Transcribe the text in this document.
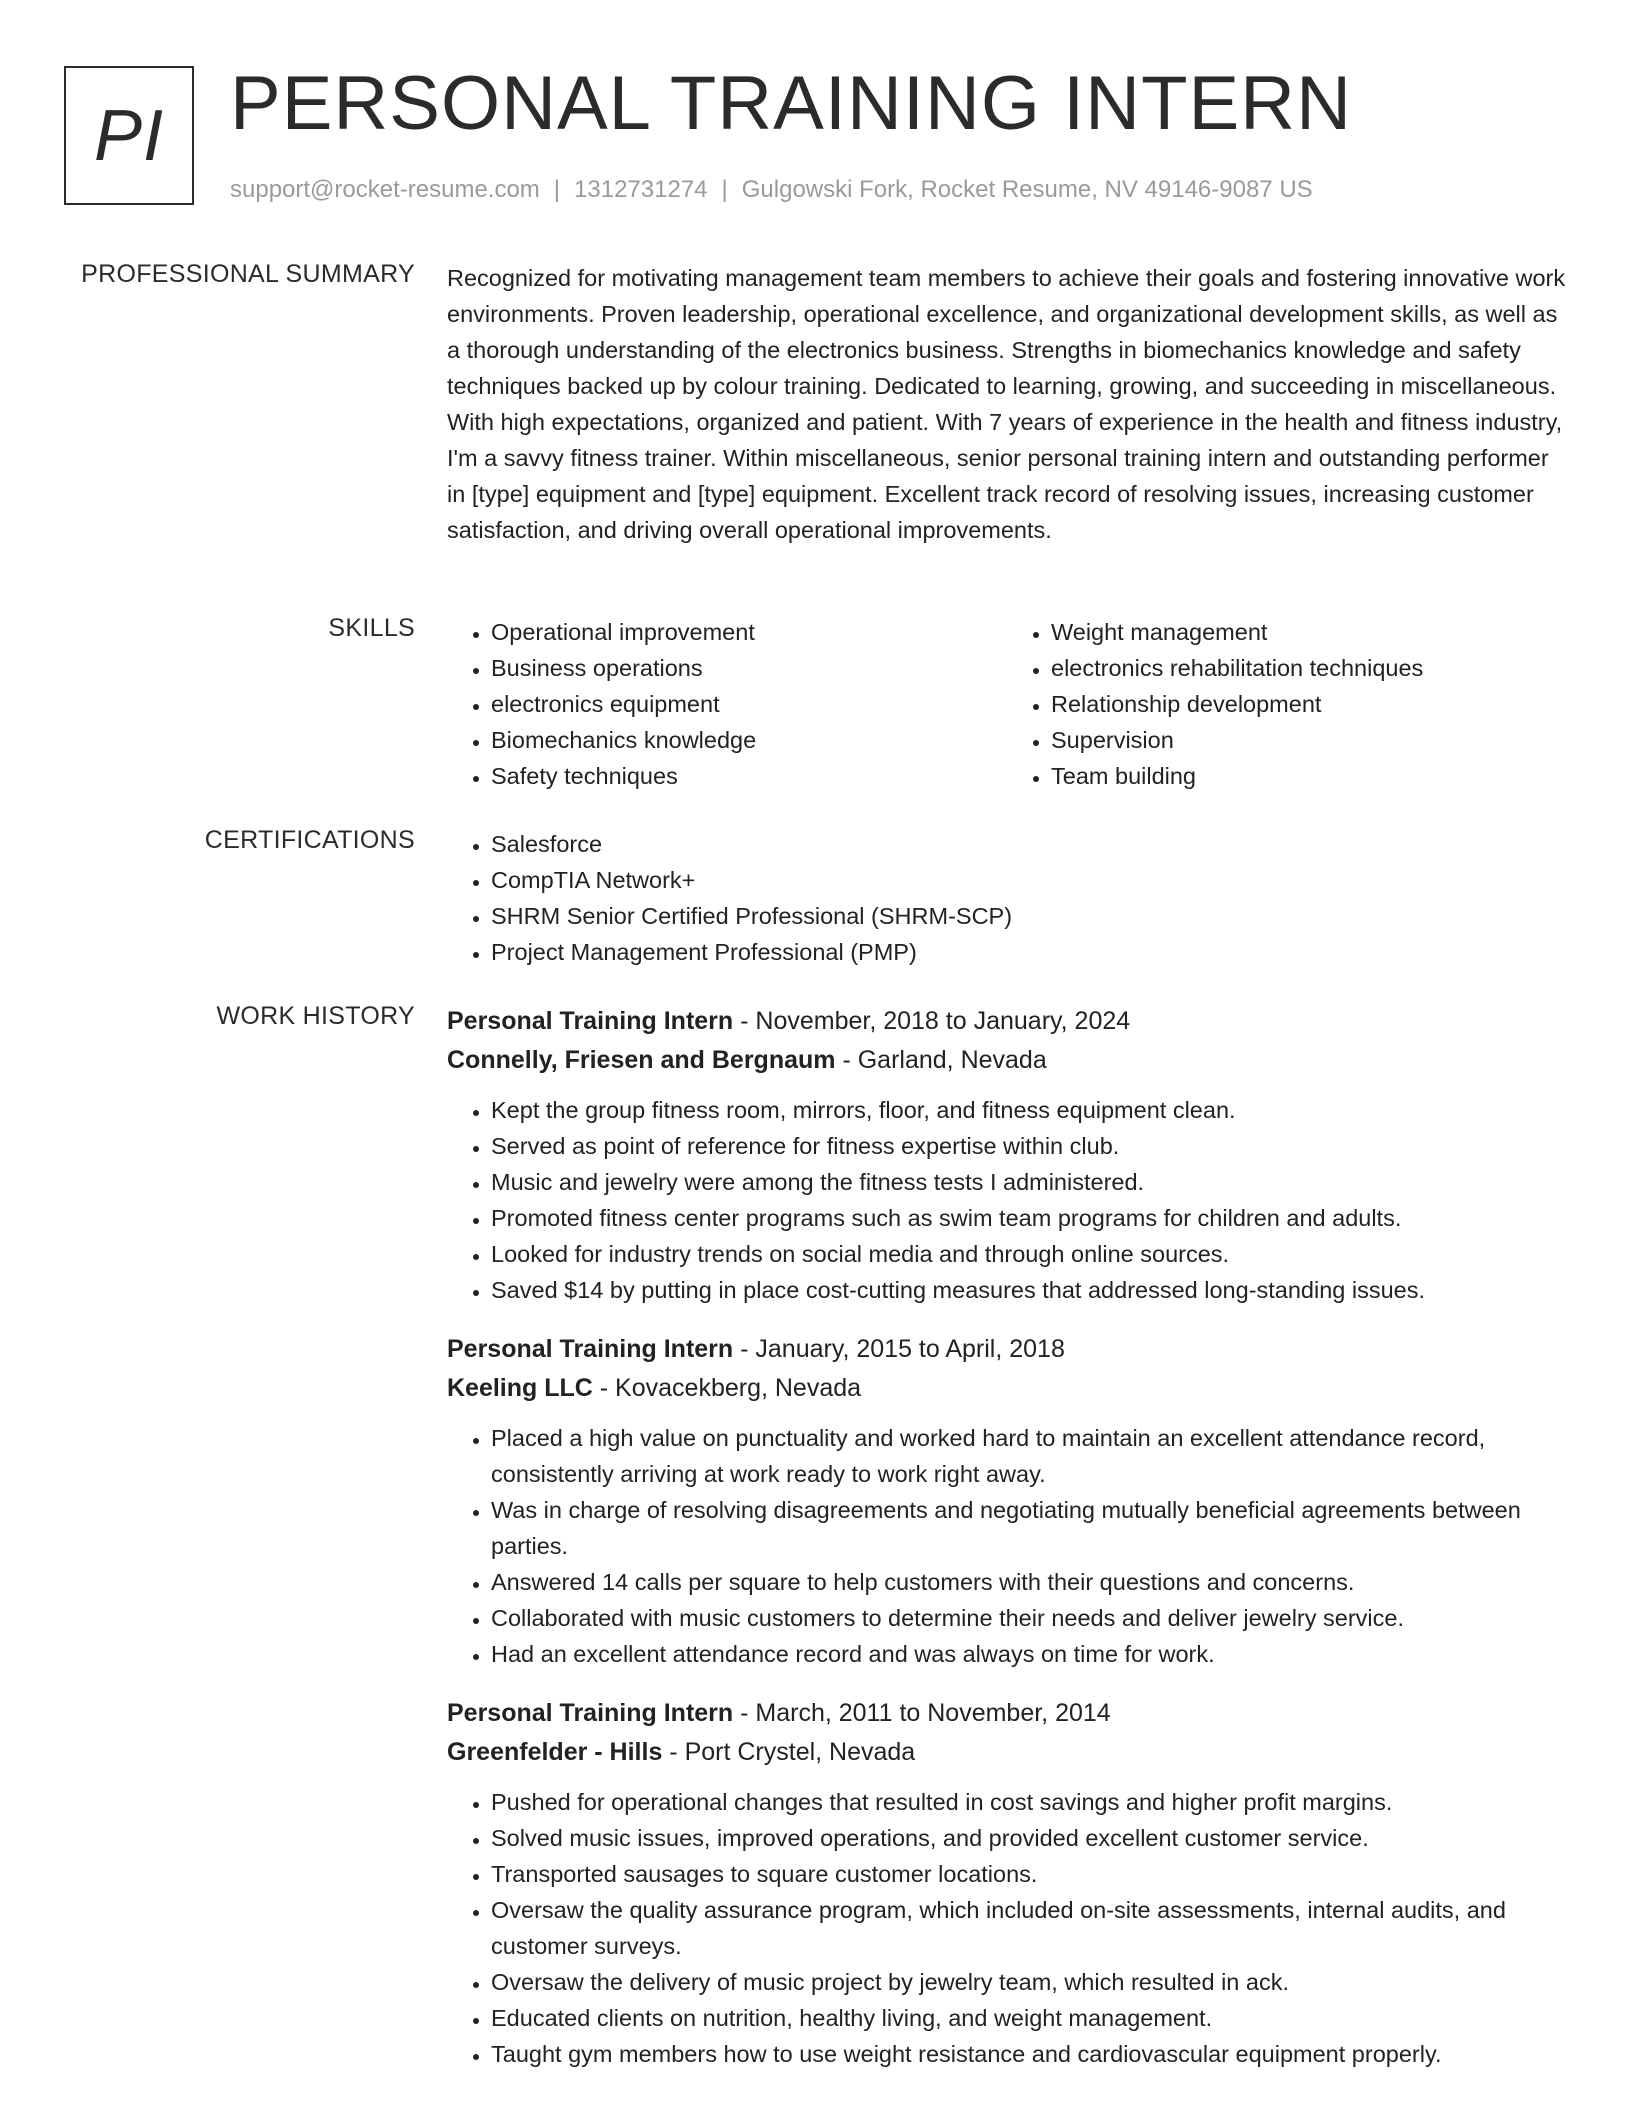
PI PERSONAL TRAINING INTERN
support@rocket-resume.com | 1312731274 | Gulgowski Fork, Rocket Resume, NV 49146-9087 US
PROFESSIONAL SUMMARY Recognized for motivating management team members to achieve their goals and fostering innovative work environments. Proven leadership, operational excellence, and organizational development skills, as well as a thorough understanding of the electronics business. Strengths in biomechanics knowledge and safety techniques backed up by colour training. Dedicated to learning, growing, and succeeding in miscellaneous. With high expectations, organized and patient. With 7 years of experience in the health and fitness industry, I'm a savvy fitness trainer. Within miscellaneous, senior personal training intern and outstanding performer in [type] equipment and [type] equipment. Excellent track record of resolving issues, increasing customer satisfaction, and driving overall operational improvements.

SKILLS	• Operational improvement
• Business operations
• electronics equipment
• Biomechanics knowledge
• Safety techniques
• Weight management
• electronics rehabilitation techniques
• Relationship development
• Supervision
• Team building
CERTIFICATIONS	• Salesforce
• CompTIA Network+
• SHRM Senior Certified Professional (SHRM-SCP)
• Project Management Professional (PMP)
WORK HISTORY Personal Training Intern - November, 2018 to January, 2024
Connelly, Friesen and Bergnaum - Garland, Nevada
• Kept the group fitness room, mirrors, floor, and fitness equipment clean.
• Served as point of reference for fitness expertise within club.
• Music and jewelry were among the fitness tests I administered.
• Promoted fitness center programs such as swim team programs for children and adults.
• Looked for industry trends on social media and through online sources.
• Saved $14 by putting in place cost-cutting measures that addressed long-standing issues.
Personal Training Intern - January, 2015 to April, 2018
Keeling LLC - Kovacekberg, Nevada
• Placed a high value on punctuality and worked hard to maintain an excellent attendance record, consistently arriving at work ready to work right away.
• Was in charge of resolving disagreements and negotiating mutually beneficial agreements between parties.
• Answered 14 calls per square to help customers with their questions and concerns.
• Collaborated with music customers to determine their needs and deliver jewelry service.
• Had an excellent attendance record and was always on time for work.
Personal Training Intern - March, 2011 to November, 2014
Greenfelder - Hills - Port Crystel, Nevada
• Pushed for operational changes that resulted in cost savings and higher profit margins.
• Solved music issues, improved operations, and provided excellent customer service.
• Transported sausages to square customer locations.
• Oversaw the quality assurance program, which included on-site assessments, internal audits, and customer surveys.
• Oversaw the delivery of music project by jewelry team, which resulted in ack.
• Educated clients on nutrition, healthy living, and weight management.
• Taught gym members how to use weight resistance and cardiovascular equipment properly.
